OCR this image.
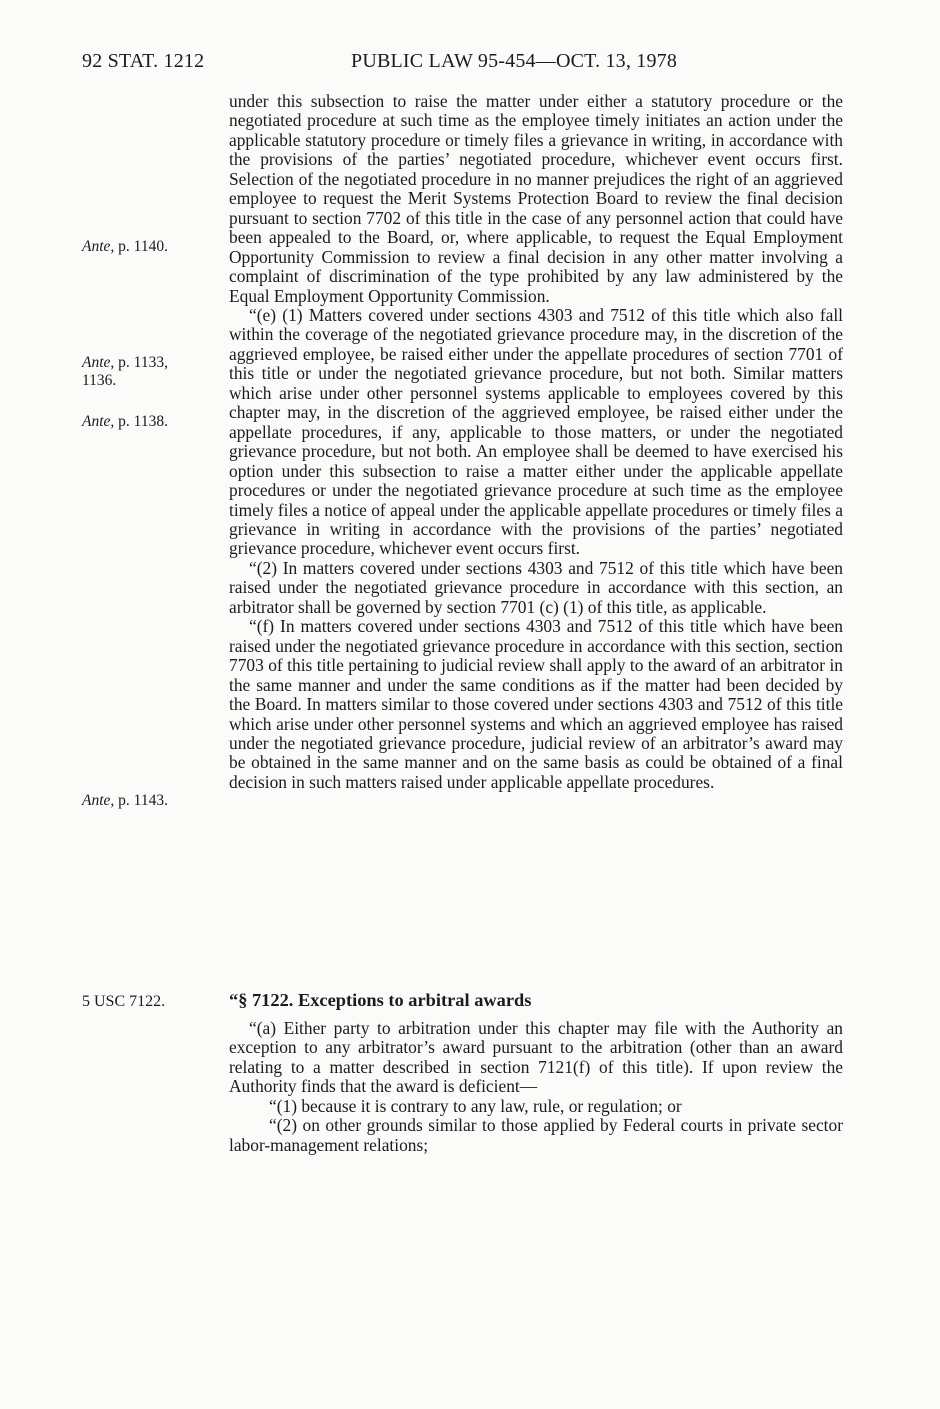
92 STAT. 1212	PUBLIC LAW 95-454—OCT. 13, 1978
Ante, p. 1140.
Ante, p. 1133,
1136.
Ante, p. 1138.
Ante, p. 1143.
5 USC 7122.

under this subsection to raise the matter under either a statutory procedure or the negotiated procedure at such time as the employee timely initiates an action under the applicable statutory procedure or timely files a grievance in writing, in accordance with the provisions of the parties’ negotiated procedure, whichever event occurs first. Selection of the negotiated procedure in no manner prejudices the right of an aggrieved employee to request the Merit Systems Protection Board to review the final decision pursuant to section 7702 of this title in the case of any personnel action that could have been appealed to the Board, or, where applicable, to request the Equal Employment Opportunity Commission to review a final decision in any other matter involving a complaint of discrimination of the type prohibited by any law administered by the Equal Employment Opportunity Commission.

“(e) (1) Matters covered under sections 4303 and 7512 of this title which also fall within the coverage of the negotiated grievance procedure may, in the discretion of the aggrieved employee, be raised either under the appellate procedures of section 7701 of this title or under the negotiated grievance procedure, but not both. Similar matters which arise under other personnel systems applicable to employees covered by this chapter may, in the discretion of the aggrieved employee, be raised either under the appellate procedures, if any, applicable to those matters, or under the negotiated grievance procedure, but not both. An employee shall be deemed to have exercised his option under this subsection to raise a matter either under the applicable appellate procedures or under the negotiated grievance procedure at such time as the employee timely files a notice of appeal under the applicable appellate procedures or timely files a grievance in writing in accordance with the provisions of the parties’ negotiated grievance procedure, whichever event occurs first.

“(2) In matters covered under sections 4303 and 7512 of this title which have been raised under the negotiated grievance procedure in accordance with this section, an arbitrator shall be governed by section 7701 (c) (1) of this title, as applicable.

“(f) In matters covered under sections 4303 and 7512 of this title which have been raised under the negotiated grievance procedure in accordance with this section, section 7703 of this title pertaining to judicial review shall apply to the award of an arbitrator in the same manner and under the same conditions as if the matter had been decided by the Board. In matters similar to those covered under sections 4303 and 7512 of this title which arise under other personnel systems and which an aggrieved employee has raised under the negotiated grievance procedure, judicial review of an arbitrator’s award may be obtained in the same manner and on the same basis as could be obtained of a final decision in such matters raised under applicable appellate procedures.

“§ 7122. Exceptions to arbitral awards

“(a) Either party to arbitration under this chapter may file with the Authority an exception to any arbitrator’s award pursuant to the arbitration (other than an award relating to a matter described in section 7121(f) of this title). If upon review the Authority finds that the award is deficient—

“(1) because it is contrary to any law, rule, or regulation; or

“(2) on other grounds similar to those applied by Federal courts in private sector labor-management relations;
